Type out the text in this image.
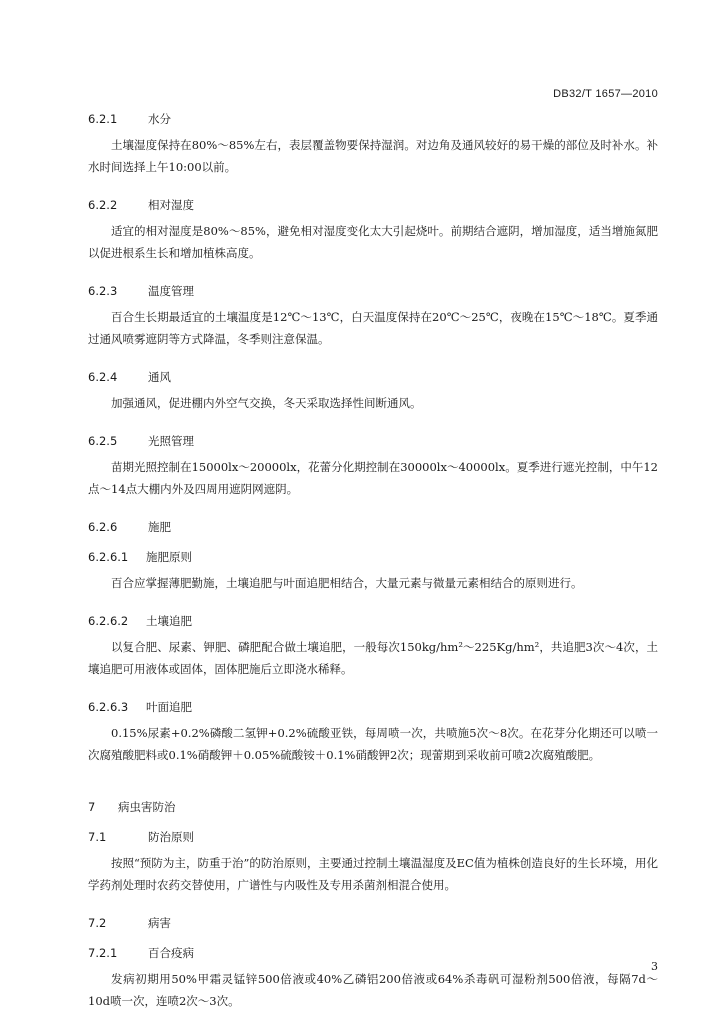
DB32/T 1657—2010
6.2.1	水分

土壤湿度保持在80%～85%左右，表层覆盖物要保持湿润。对边角及通风较好的易干燥的部位及时补水。补水时间选择上午10:00以前。

6.2.2	相对湿度

适宜的相对湿度是80%～85%，避免相对湿度变化太大引起烧叶。前期结合遮阴，增加湿度，适当增施氮肥以促进根系生长和增加植株高度。

6.2.3	温度管理

百合生长期最适宜的土壤温度是12℃～13℃，白天温度保持在20℃～25℃，夜晚在15℃～18℃。夏季通过通风喷雾遮阴等方式降温，冬季则注意保温。

6.2.4	通风

加强通风，促进棚内外空气交换，冬天采取选择性间断通风。

6.2.5	光照管理

苗期光照控制在15000lx～20000lx，花蕾分化期控制在30000lx～40000lx。夏季进行遮光控制，中午12点～14点大棚内外及四周用遮阴网遮阴。

6.2.6	施肥
6.2.6.1 施肥原则

百合应掌握薄肥勤施，土壤追肥与叶面追肥相结合，大量元素与微量元素相结合的原则进行。

6.2.6.2 土壤追肥

以复合肥、尿素、钾肥、磷肥配合做土壤追肥，一般每次150kg/hm²～225Kg/hm²，共追肥3次～4次，土壤追肥可用液体或固体，固体肥施后立即浇水稀释。

6.2.6.3 叶面追肥

0.15%尿素+0.2%磷酸二氢钾+0.2%硫酸亚铁，每周喷一次，共喷施5次～8次。在花芽分化期还可以喷一次腐殖酸肥料或0.1%硝酸钾＋0.05%硫酸铵＋0.1%硝酸钾2次；现蕾期到采收前可喷2次腐殖酸肥。

7 病虫害防治
7.1	防治原则

按照“预防为主，防重于治”的防治原则，主要通过控制土壤温湿度及EC值为植株创造良好的生长环境，用化学药剂处理时农药交替使用，广谱性与内吸性及专用杀菌剂相混合使用。

7.2	病害
7.2.1	百合疫病

发病初期用50%甲霜灵锰锌500倍液或40%乙磷铝200倍液或64%杀毒矾可湿粉剂500倍液，每隔7d～10d喷一次，连喷2次～3次。

3
